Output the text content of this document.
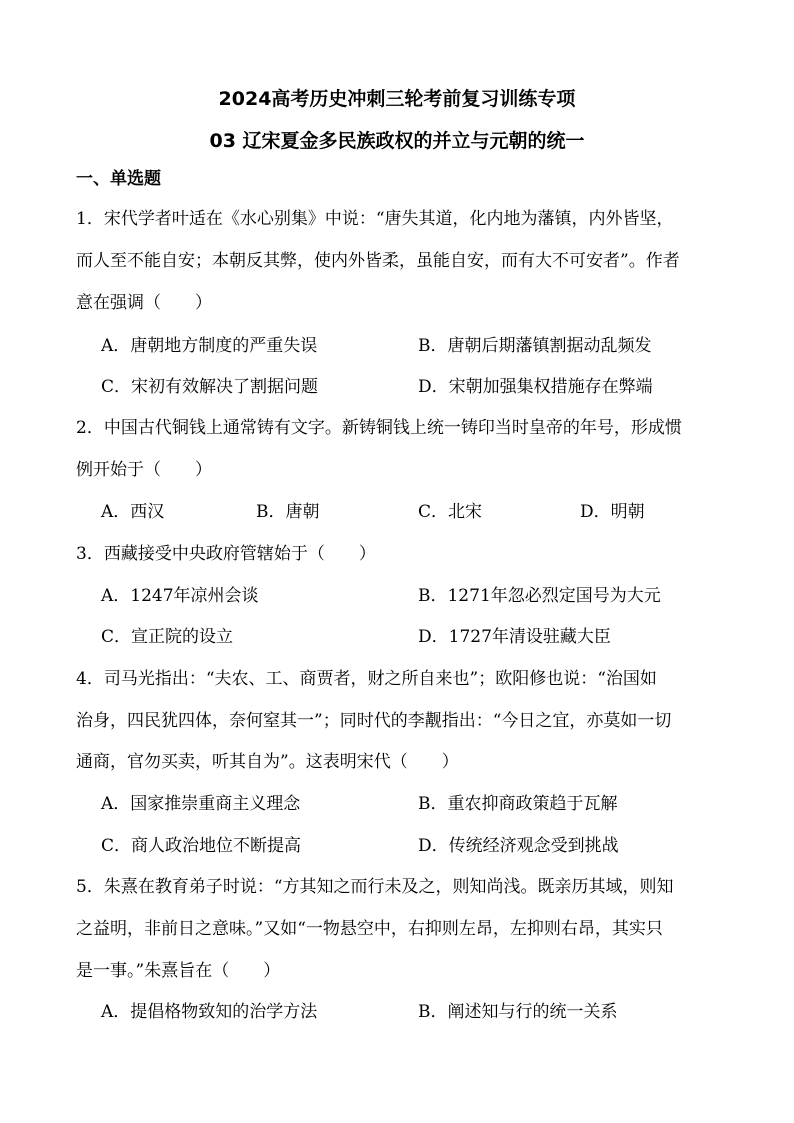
2024高考历史冲刺三轮考前复习训练专项
03 辽宋夏金多民族政权的并立与元朝的统一
一、单选题
1．宋代学者叶适在《水心别集》中说：“唐失其道，化内地为藩镇，内外皆坚，
而人至不能自安；本朝反其弊，使内外皆柔，虽能自安，而有大不可安者”。作者
意在强调（　　）
A．唐朝地方制度的严重失误	B．唐朝后期藩镇割据动乱频发
C．宋初有效解决了割据问题	D．宋朝加强集权措施存在弊端
2．中国古代铜钱上通常铸有文字。新铸铜钱上统一铸印当时皇帝的年号，形成惯
例开始于（　　）
A．西汉	B．唐朝	C．北宋	D．明朝
3．西藏接受中央政府管辖始于（　　）
A．1247年凉州会谈	B．1271年忽必烈定国号为大元
C．宣正院的设立	D．1727年清设驻藏大臣
4．司马光指出：“夫农、工、商贾者，财之所自来也”；欧阳修也说：“治国如
治身，四民犹四体，奈何窒其一”；同时代的李觏指出：“今日之宜，亦莫如一切
通商，官勿买卖，听其自为”。这表明宋代（　　）
A．国家推崇重商主义理念	B．重农抑商政策趋于瓦解
C．商人政治地位不断提高	D．传统经济观念受到挑战
5．朱熹在教育弟子时说：“方其知之而行未及之，则知尚浅。既亲历其域，则知
之益明，非前日之意味。”又如“一物悬空中，右抑则左昂，左抑则右昂，其实只
是一事。”朱熹旨在（　　）
A．提倡格物致知的治学方法	B．阐述知与行的统一关系
